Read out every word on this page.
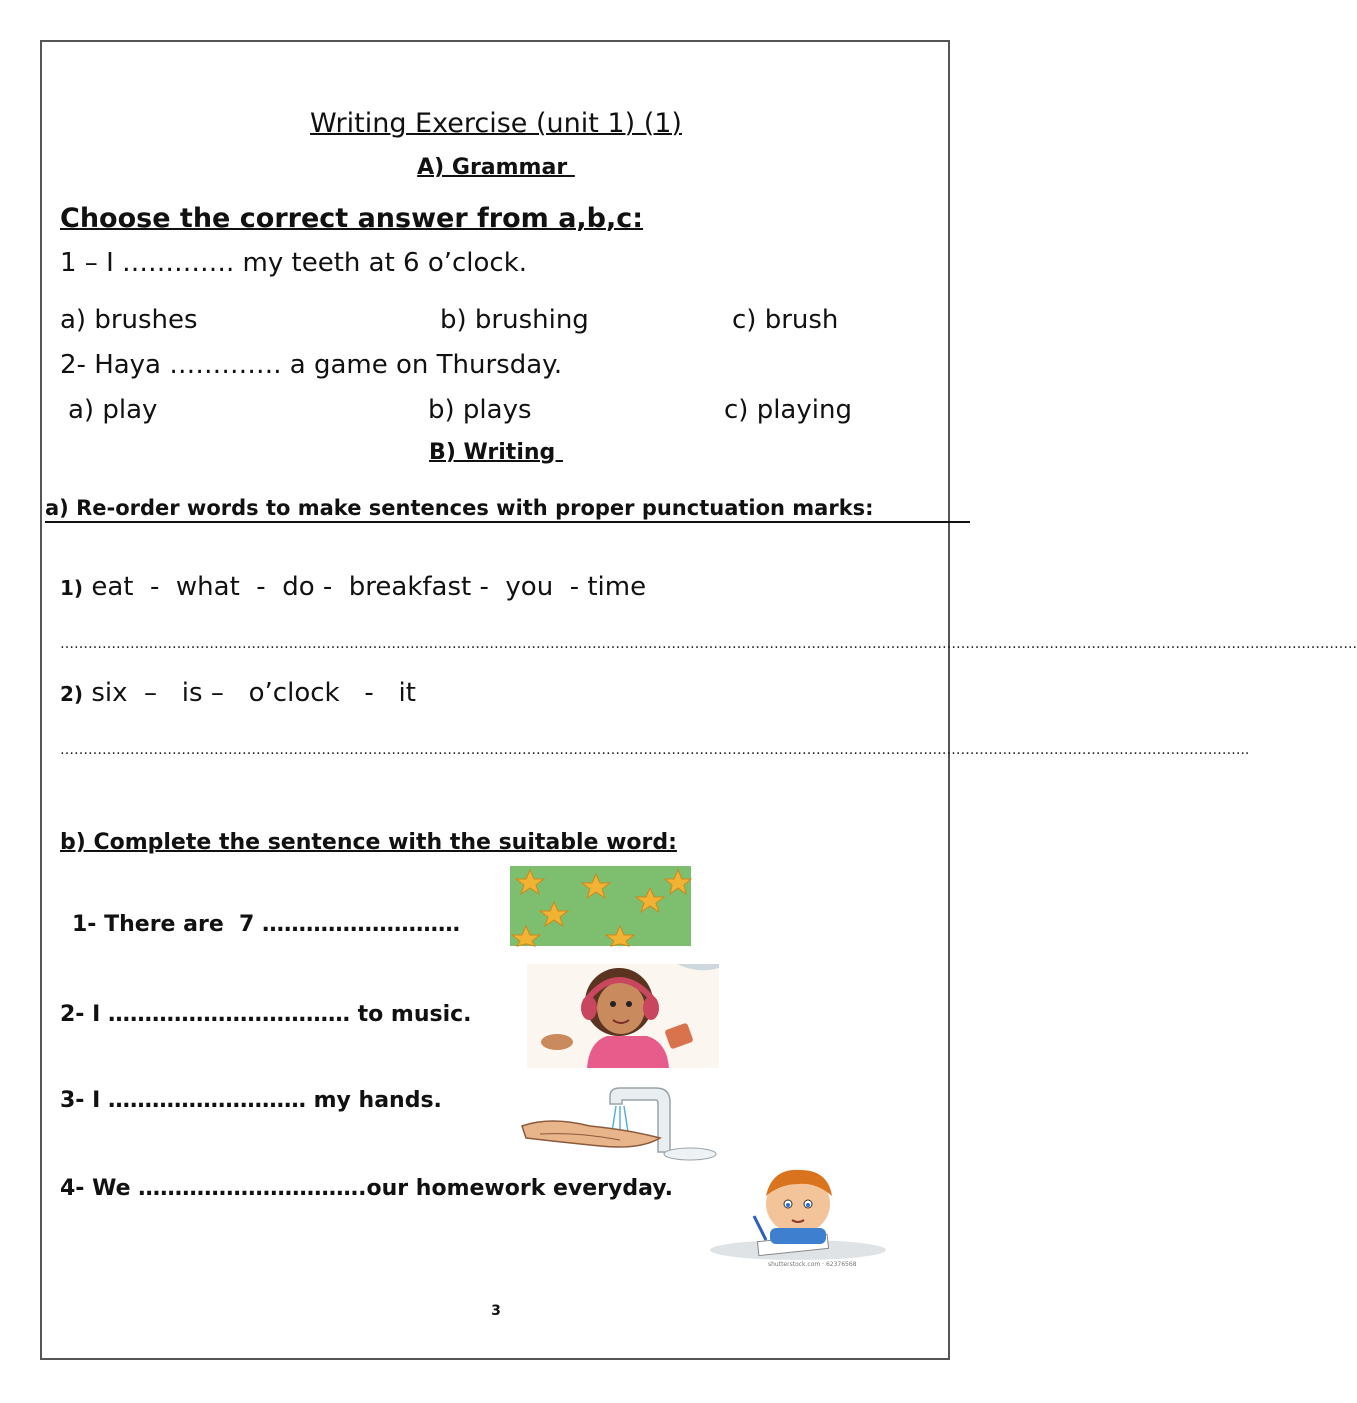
Writing Exercise (unit 1) (1)
A) Grammar
Choose the correct answer from a,b,c:
1 – I …………. my teeth at 6 o’clock.
a) brushes	b) brushing	c) brush
2- Haya …………. a game on Thursday.
a) play	b) plays	c) playing
B) Writing
a) Re-order words to make sentences with proper punctuation marks:
1) eat  -  what  -  do -  breakfast -  you  - time
……………………………………………………………………………………………………………………………………………………………………………………………………………………………………………………..
2) six  –   is –   o’clock   -   it
…………………………………………………………………………………………………………………………………………………………………….…………………………………………………………..
b) Complete the sentence with the suitable word:
1- There are  7 ………………………
2- I …………………………… to music.
3- I ……………………… my hands.
4- We ………………………….our homework everyday.
shutterstock.com · 62376568
3
